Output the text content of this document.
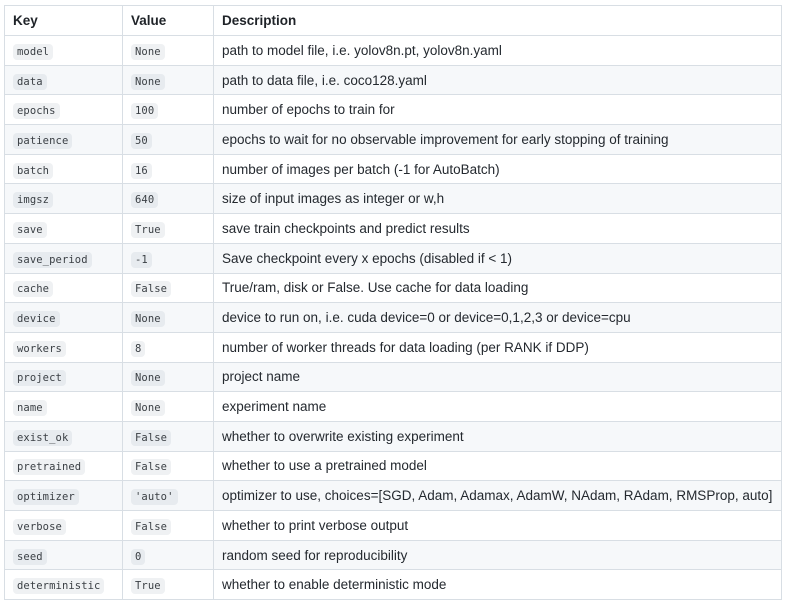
Key	Value	Description
model	None	path to model file, i.e. yolov8n.pt, yolov8n.yaml
data	None	path to data file, i.e. coco128.yaml
epochs	100	number of epochs to train for
patience	50	epochs to wait for no observable improvement for early stopping of training
batch	16	number of images per batch (-1 for AutoBatch)
imgsz	640	size of input images as integer or w,h
save	True	save train checkpoints and predict results
save_period	-1	Save checkpoint every x epochs (disabled if < 1)
cache	False	True/ram, disk or False. Use cache for data loading
device	None	device to run on, i.e. cuda device=0 or device=0,1,2,3 or device=cpu
workers	8	number of worker threads for data loading (per RANK if DDP)
project	None	project name
name	None	experiment name
exist_ok	False	whether to overwrite existing experiment
pretrained	False	whether to use a pretrained model
optimizer	'auto'	optimizer to use, choices=[SGD, Adam, Adamax, AdamW, NAdam, RAdam, RMSProp, auto]
verbose	False	whether to print verbose output
seed	0	random seed for reproducibility
deterministic	True	whether to enable deterministic mode
